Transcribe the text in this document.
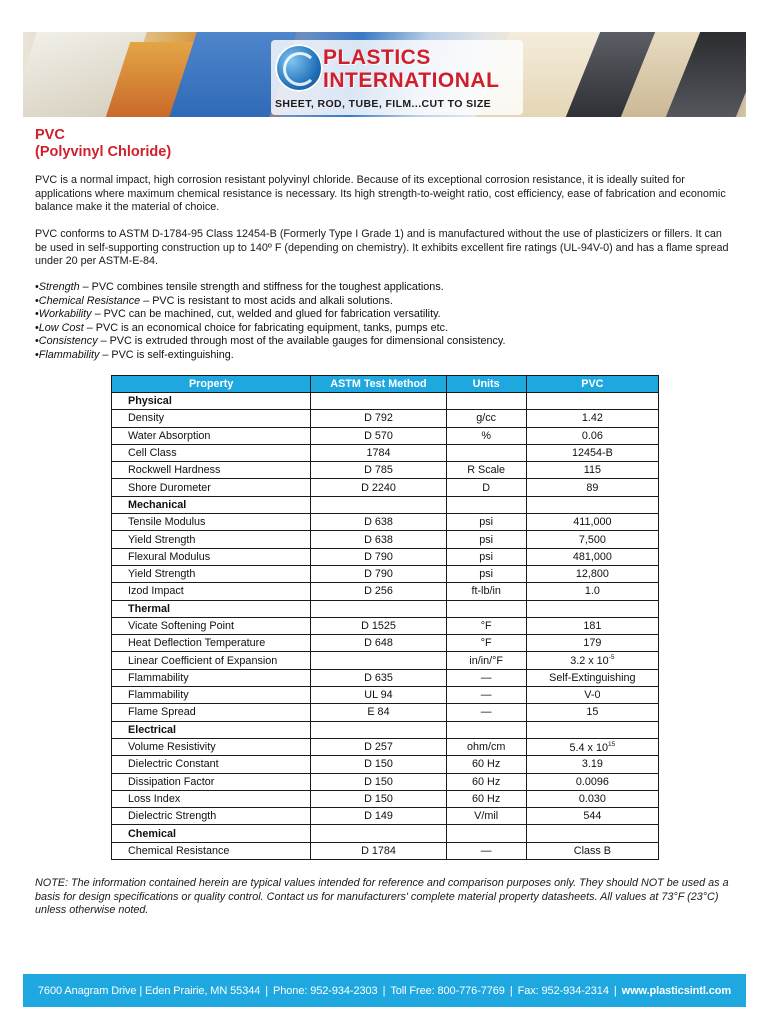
PLASTICS
INTERNATIONAL
SHEET, ROD, TUBE, FILM...CUT TO SIZE
PVC
(Polyvinyl Chloride)
PVC is a normal impact, high corrosion resistant polyvinyl chloride. Because of its exceptional corrosion resistance, it is ideally suited for applications where maximum chemical resistance is necessary. Its high strength-to-weight ratio, cost efficiency, ease of fabrication and economic balance make it the material of choice.
PVC conforms to ASTM D-1784-95 Class 12454-B (Formerly Type I Grade 1) and is manufactured without the use of plasticizers or fillers. It can be used in self-supporting construction up to 140º F (depending on chemistry). It exhibits excellent fire ratings (UL-94V-0) and has a flame spread under 20 per ASTM-E-84.
• Strength – PVC combines tensile strength and stiffness for the toughest applications.
• Chemical Resistance – PVC is resistant to most acids and alkali solutions.
• Workability – PVC can be machined, cut, welded and glued for fabrication versatility.
• Low Cost – PVC is an economical choice for fabricating equipment, tanks, pumps etc.
• Consistency – PVC is extruded through most of the available gauges for dimensional consistency.
• Flammability – PVC is self-extinguishing.
Property	ASTM Test Method	Units	PVC
Physical			
Density	D 792	g/cc	1.42
Water Absorption	D 570	%	0.06
Cell Class	1784		12454-B
Rockwell Hardness	D 785	R Scale	115
Shore Durometer	D 2240	D	89
Mechanical			
Tensile Modulus	D 638	psi	411,000
Yield Strength	D 638	psi	7,500
Flexural Modulus	D 790	psi	481,000
Yield Strength	D 790	psi	12,800
Izod Impact	D 256	ft-lb/in	1.0
Thermal			
Vicate Softening Point	D 1525	°F	181
Heat Deflection Temperature	D 648	°F	179
Linear Coefficient of Expansion		in/in/°F	3.2 x $10^{-5}$
Flammability	D 635	—	Self-Extinguishing
Flammability	UL 94	—	V-0
Flame Spread	E 84	—	15
Electrical			
Volume Resistivity	D 257	ohm/cm	5.4 x $10^{15}$
Dielectric Constant	D 150	60 Hz	3.19
Dissipation Factor	D 150	60 Hz	0.0096
Loss Index	D 150	60 Hz	0.030
Dielectric Strength	D 149	V/mil	544
Chemical			
Chemical Resistance	D 1784	—	Class B
NOTE: The information contained herein are typical values intended for reference and comparison purposes only. They should NOT be used as a basis for design specifications or quality control. Contact us for manufacturers' complete material property datasheets. All values at 73°F (23°C) unless otherwise noted.
7600 Anagram Drive | Eden Prairie, MN 55344 | Phone: 952-934-2303 | Toll Free: 800-776-7769 | Fax: 952-934-2314 | www.plasticsintl.com
